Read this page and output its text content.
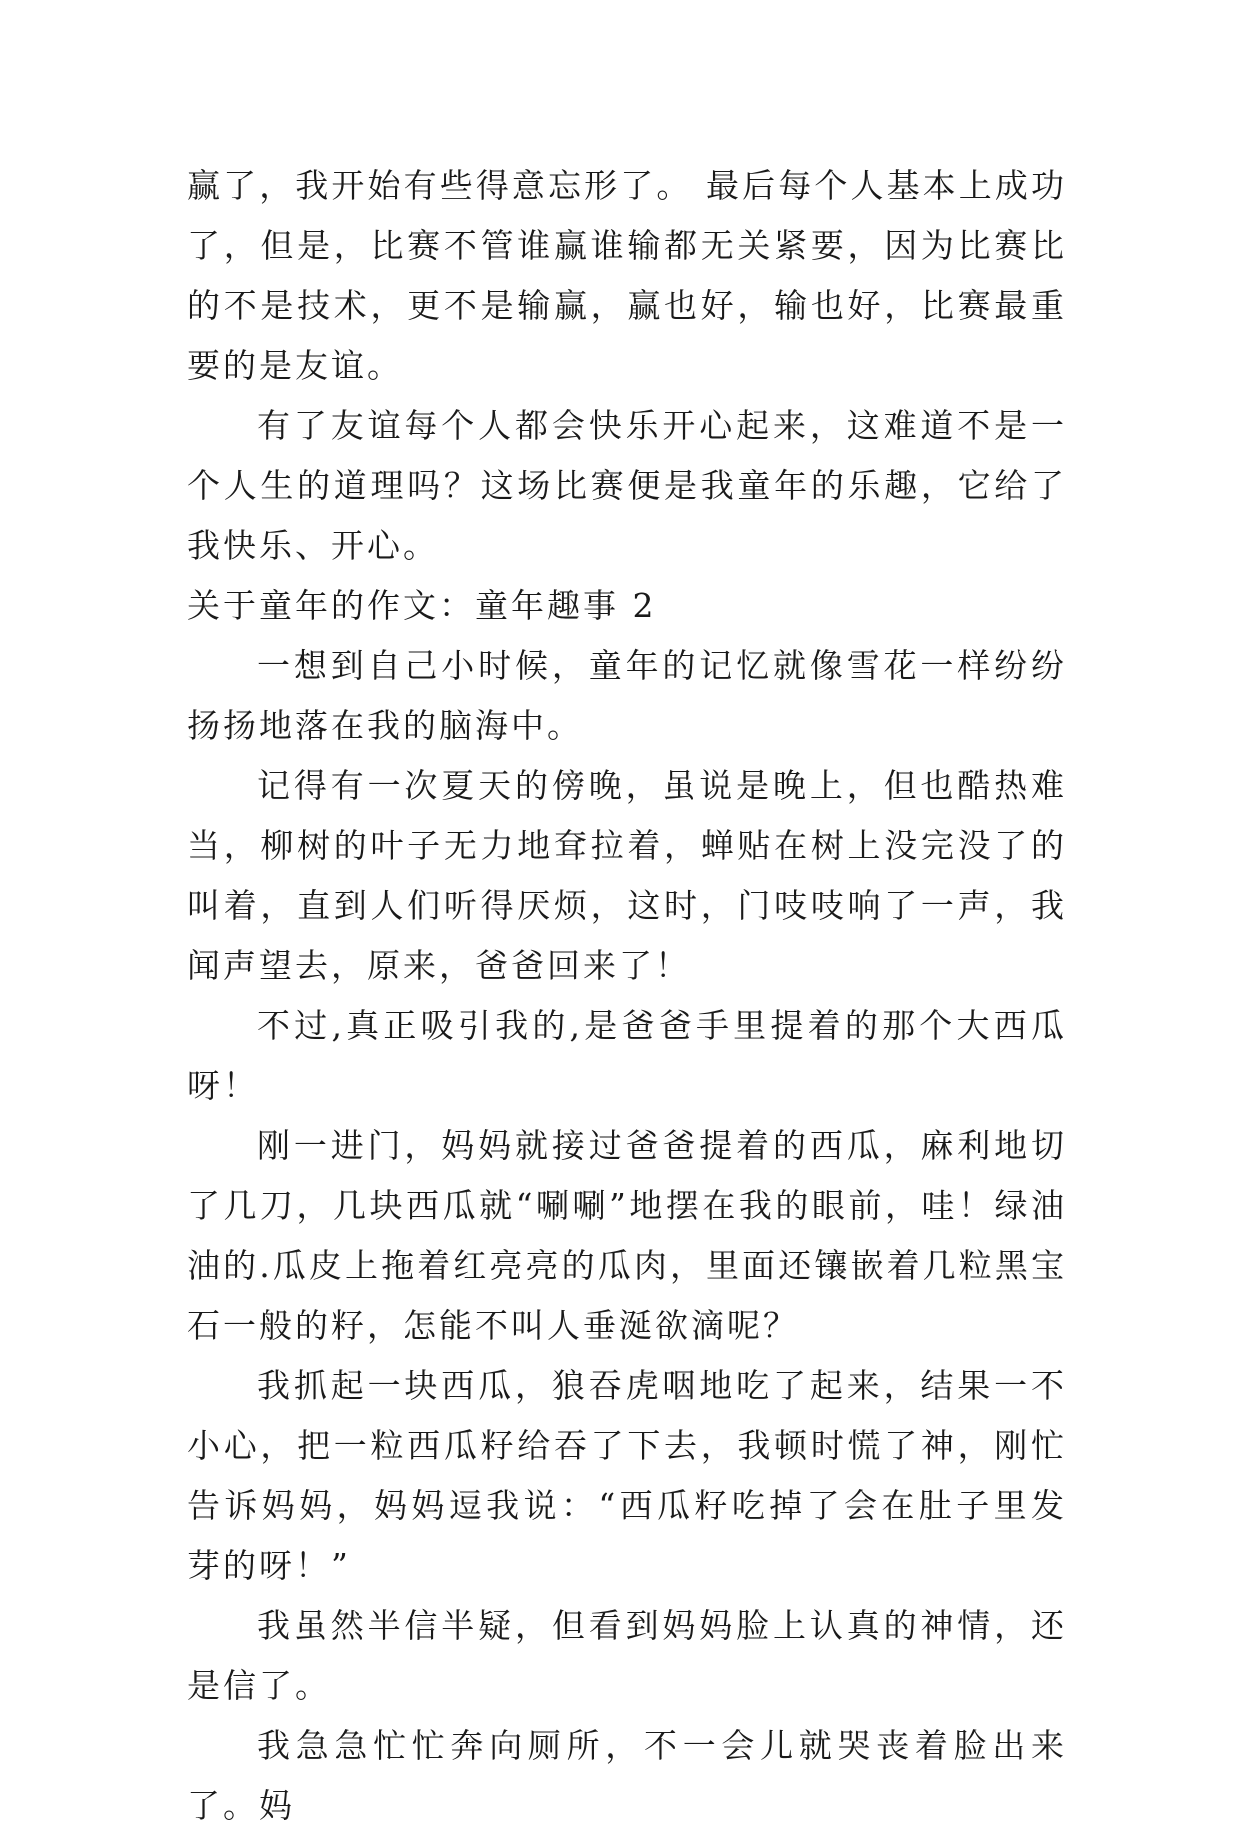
赢了，我开始有些得意忘形了。 最后每个人基本上成功了，但是，比赛不管谁赢谁输都无关紧要，因为比赛比的不是技术，更不是输赢，赢也好，输也好，比赛最重要的是友谊。

有了友谊每个人都会快乐开心起来，这难道不是一个人生的道理吗？这场比赛便是我童年的乐趣，它给了我快乐、开心。

关于童年的作文：童年趣事 2

一想到自己小时候，童年的记忆就像雪花一样纷纷扬扬地落在我的脑海中。

记得有一次夏天的傍晚，虽说是晚上，但也酷热难当，柳树的叶子无力地耷拉着，蝉贴在树上没完没了的叫着，直到人们听得厌烦，这时，门吱吱响了一声，我闻声望去，原来，爸爸回来了！

不过,真正吸引我的,是爸爸手里提着的那个大西瓜呀！

刚一进门，妈妈就接过爸爸提着的西瓜，麻利地切了几刀，几块西瓜就“唰唰”地摆在我的眼前，哇！绿油油的.瓜皮上拖着红亮亮的瓜肉，里面还镶嵌着几粒黑宝石一般的籽，怎能不叫人垂涎欲滴呢？

我抓起一块西瓜，狼吞虎咽地吃了起来，结果一不小心，把一粒西瓜籽给吞了下去，我顿时慌了神，刚忙告诉妈妈，妈妈逗我说：“西瓜籽吃掉了会在肚子里发芽的呀！”

我虽然半信半疑，但看到妈妈脸上认真的神情，还是信了。

我急急忙忙奔向厕所，不一会儿就哭丧着脸出来了。妈
